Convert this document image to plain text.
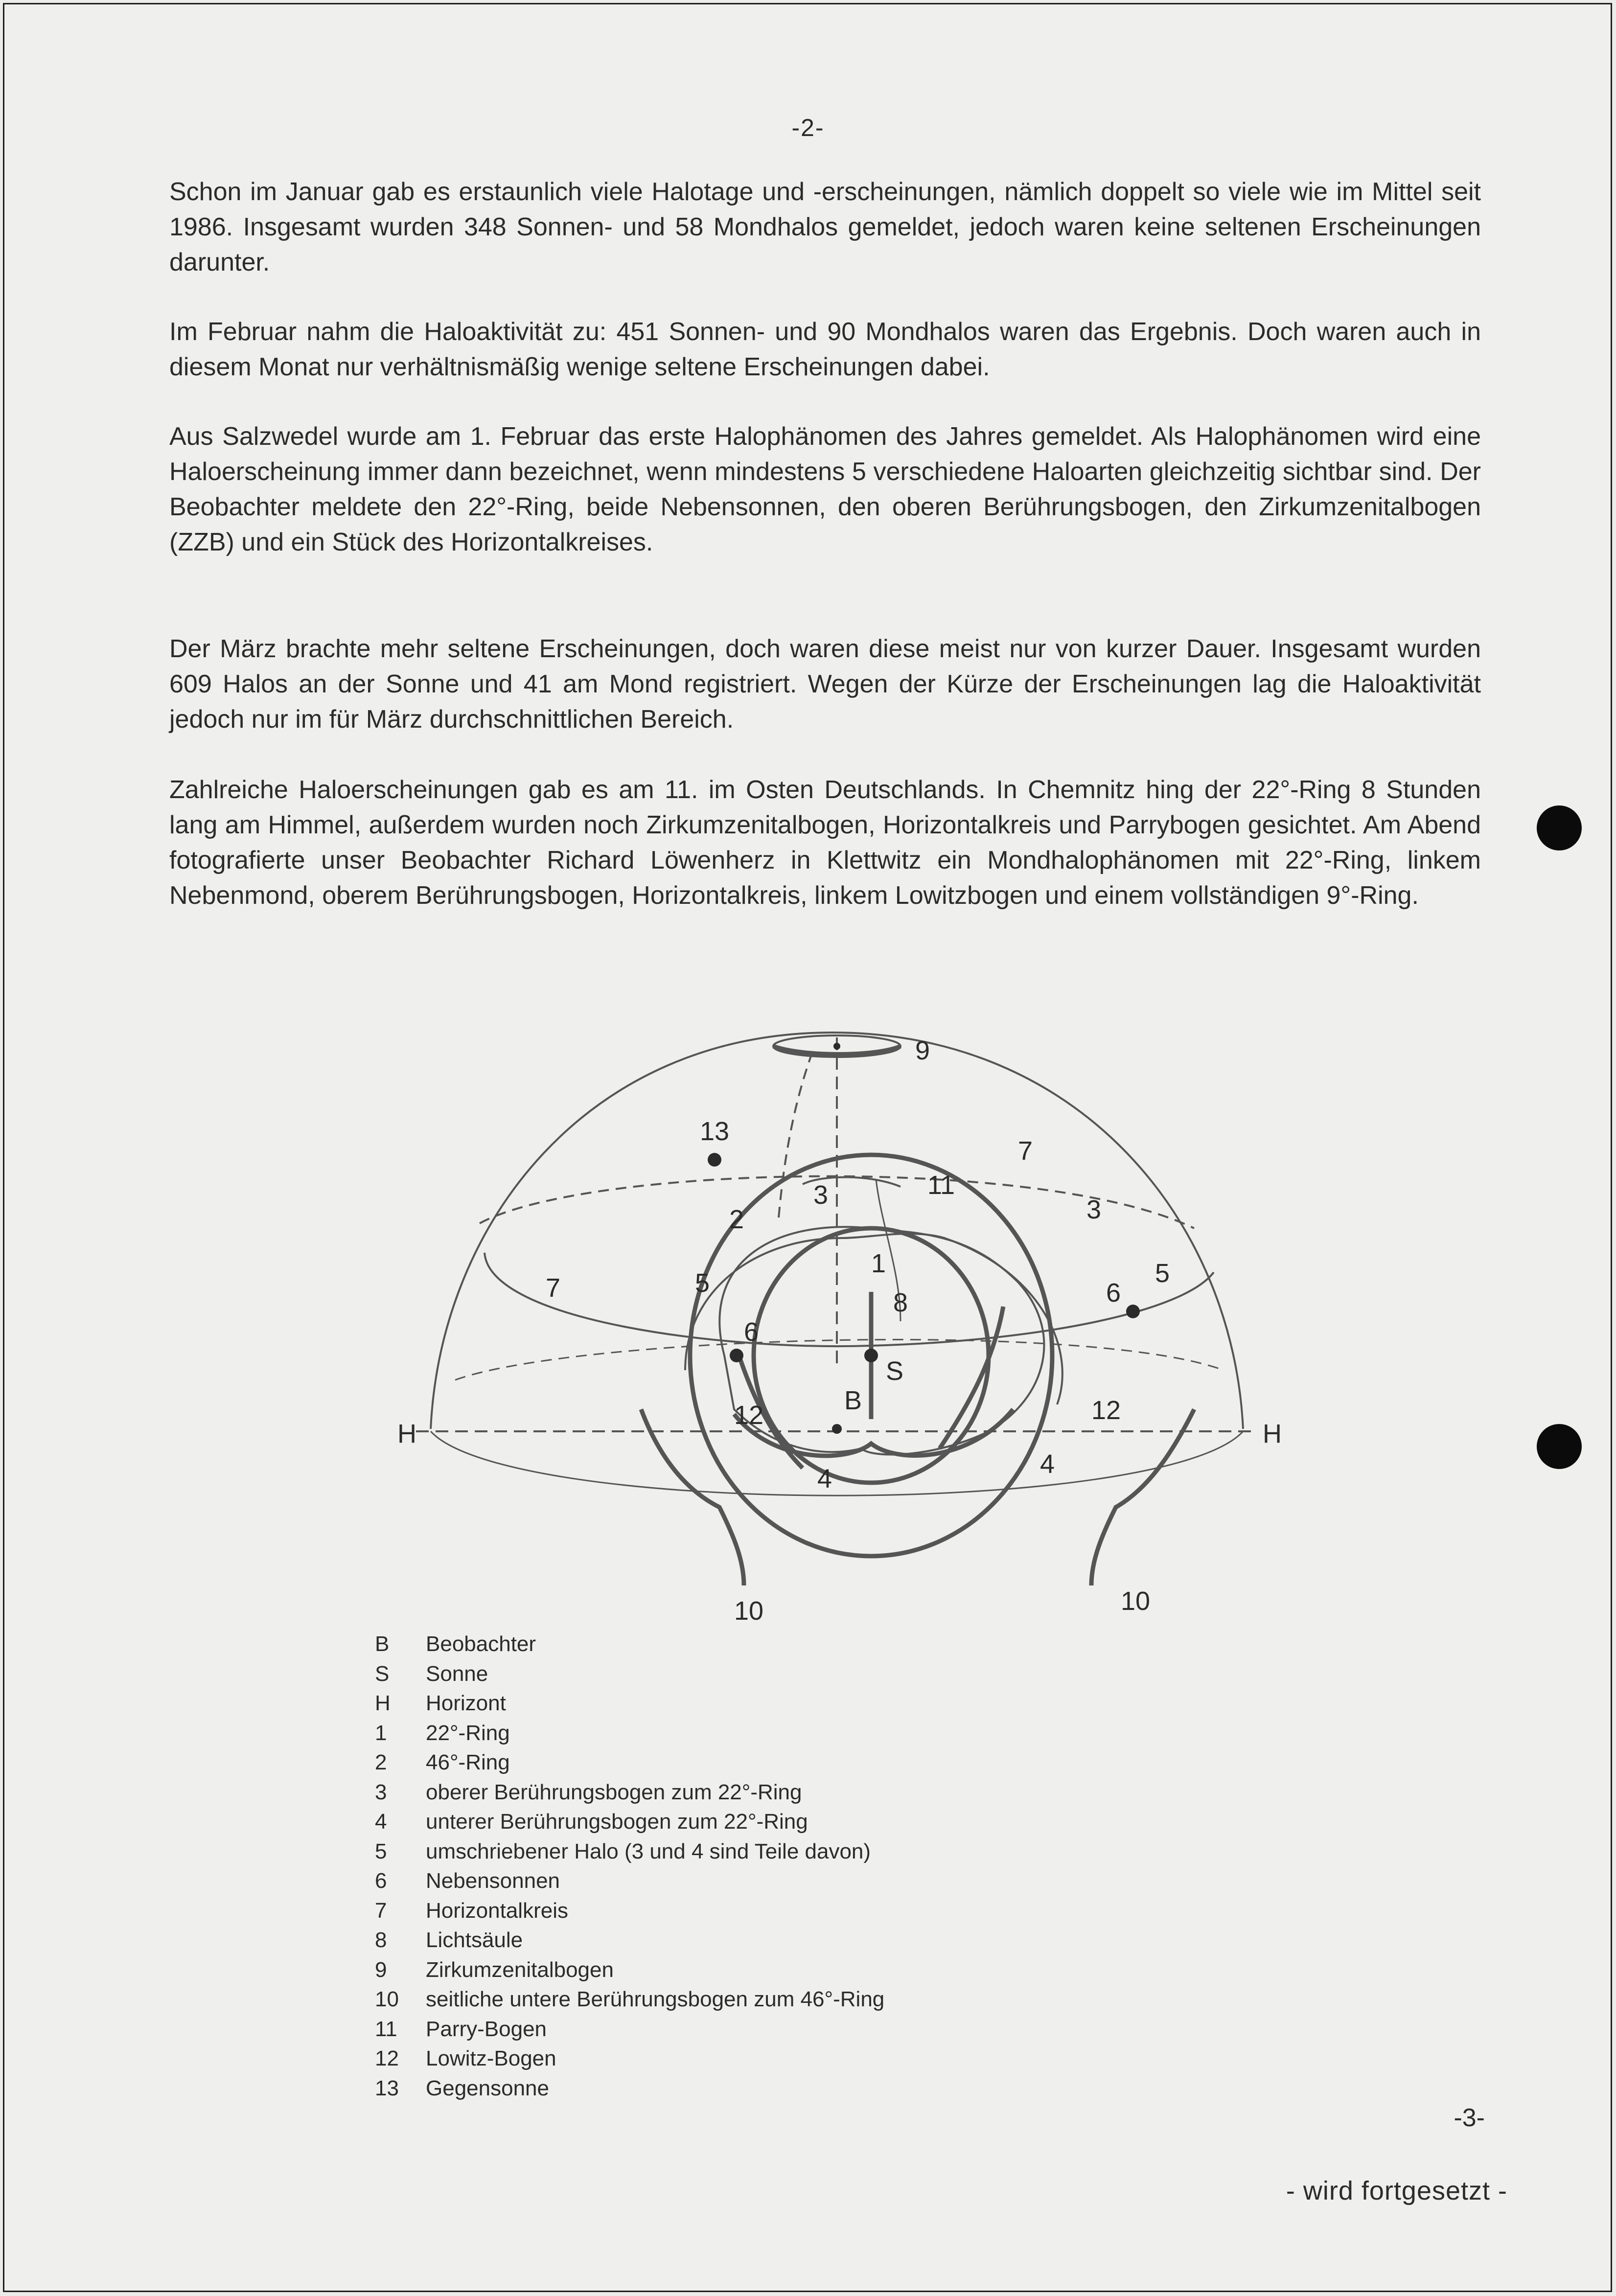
-2-

Schon im Januar gab es erstaunlich viele Halotage und -erscheinungen, nämlich doppelt so viele wie im Mittel seit 1986. Insgesamt wurden 348 Sonnen- und 58 Mondhalos gemeldet, jedoch waren keine seltenen Erscheinungen darunter.

Im Februar nahm die Haloaktivität zu: 451 Sonnen- und 90 Mondhalos waren das Ergebnis. Doch waren auch in diesem Monat nur verhältnismäßig wenige seltene Erscheinungen dabei.

Aus Salzwedel wurde am 1. Februar das erste Halophänomen des Jahres gemeldet. Als Halophänomen wird eine Haloerscheinung immer dann bezeichnet, wenn mindestens 5 verschiedene Haloarten gleichzeitig sichtbar sind. Der Beobachter meldete den 22°-Ring, beide Nebensonnen, den oberen Berührungsbogen, den Zirkumzenitalbogen (ZZB) und ein Stück des Horizontalkreises.

Der März brachte mehr seltene Erscheinungen, doch waren diese meist nur von kurzer Dauer. Insgesamt wurden 609 Halos an der Sonne und 41 am Mond registriert. Wegen der Kürze der Erscheinungen lag die Haloaktivität jedoch nur im für März durchschnittlichen Bereich.

Zahlreiche Haloerscheinungen gab es am 11. im Osten Deutschlands. In Chemnitz hing der 22°-Ring 8 Stunden lang am Himmel, außerdem wurden noch Zirkumzenitalbogen, Horizontalkreis und Parrybogen gesichtet. Am Abend fotografierte unser Beobachter Richard Löwenherz in Klettwitz ein Mondhalophänomen mit 22°-Ring, linkem Nebenmond, oberem Berührungsbogen, Horizontalkreis, linkem Lowitzbogen und einem vollständigen 9°-Ring.

H	H
B
S
1
2
3	3
4	4
5	5
6
6
7
7
8
9
10	10
11
12	12
13
B	Beobachter
S	Sonne
H	Horizont
1	22°-Ring
2	46°-Ring
3	oberer Berührungsbogen zum 22°-Ring
4	unterer Berührungsbogen zum 22°-Ring
5	umschriebener Halo (3 und 4 sind Teile davon)
6	Nebensonnen
7	Horizontalkreis
8	Lichtsäule
9	Zirkumzenitalbogen
10	seitliche untere Berührungsbogen zum 46°-Ring
11	Parry-Bogen
12	Lowitz-Bogen
13	Gegensonne
-3-
- wird fortgesetzt -
